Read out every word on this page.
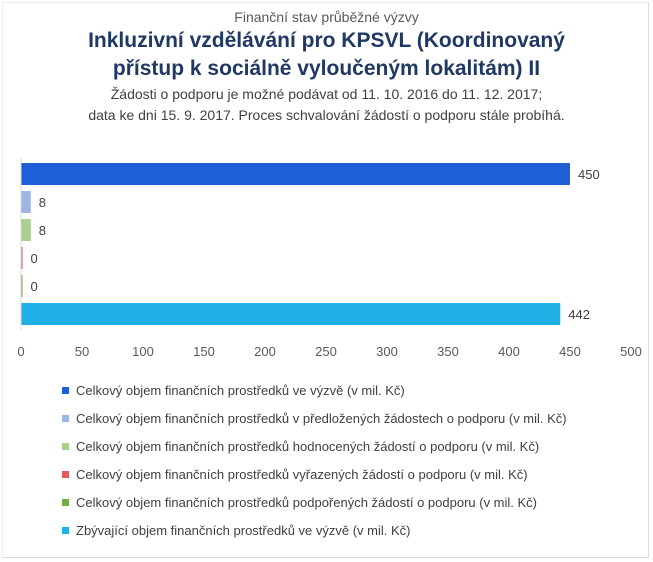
Finanční stav průběžné výzvy
Inkluzivní vzdělávání pro KPSVL (Koordinovaný
přístup k sociálně vyloučeným lokalitám) II
Žádosti o podporu je možné podávat od 11. 10. 2016 do 11. 12. 2017;
data ke dni 15. 9. 2017. Proces schvalování žádostí o podporu stále probíhá.
450
8
8
0
0
442
0	50	100	150	200	250	300	350	400	450	500
Celkový objem finančních prostředků ve výzvě (v mil. Kč)
Celkový objem finančních prostředků v předložených žádostech o podporu (v mil. Kč)
Celkový objem finančních prostředků hodnocených žádostí o podporu (v mil. Kč)
Celkový objem finančních prostředků vyřazených žádostí o podporu (v mil. Kč)
Celkový objem finančních prostředků podpořených žádostí o podporu (v mil. Kč)
Zbývající objem finančních prostředků ve výzvě (v mil. Kč)
